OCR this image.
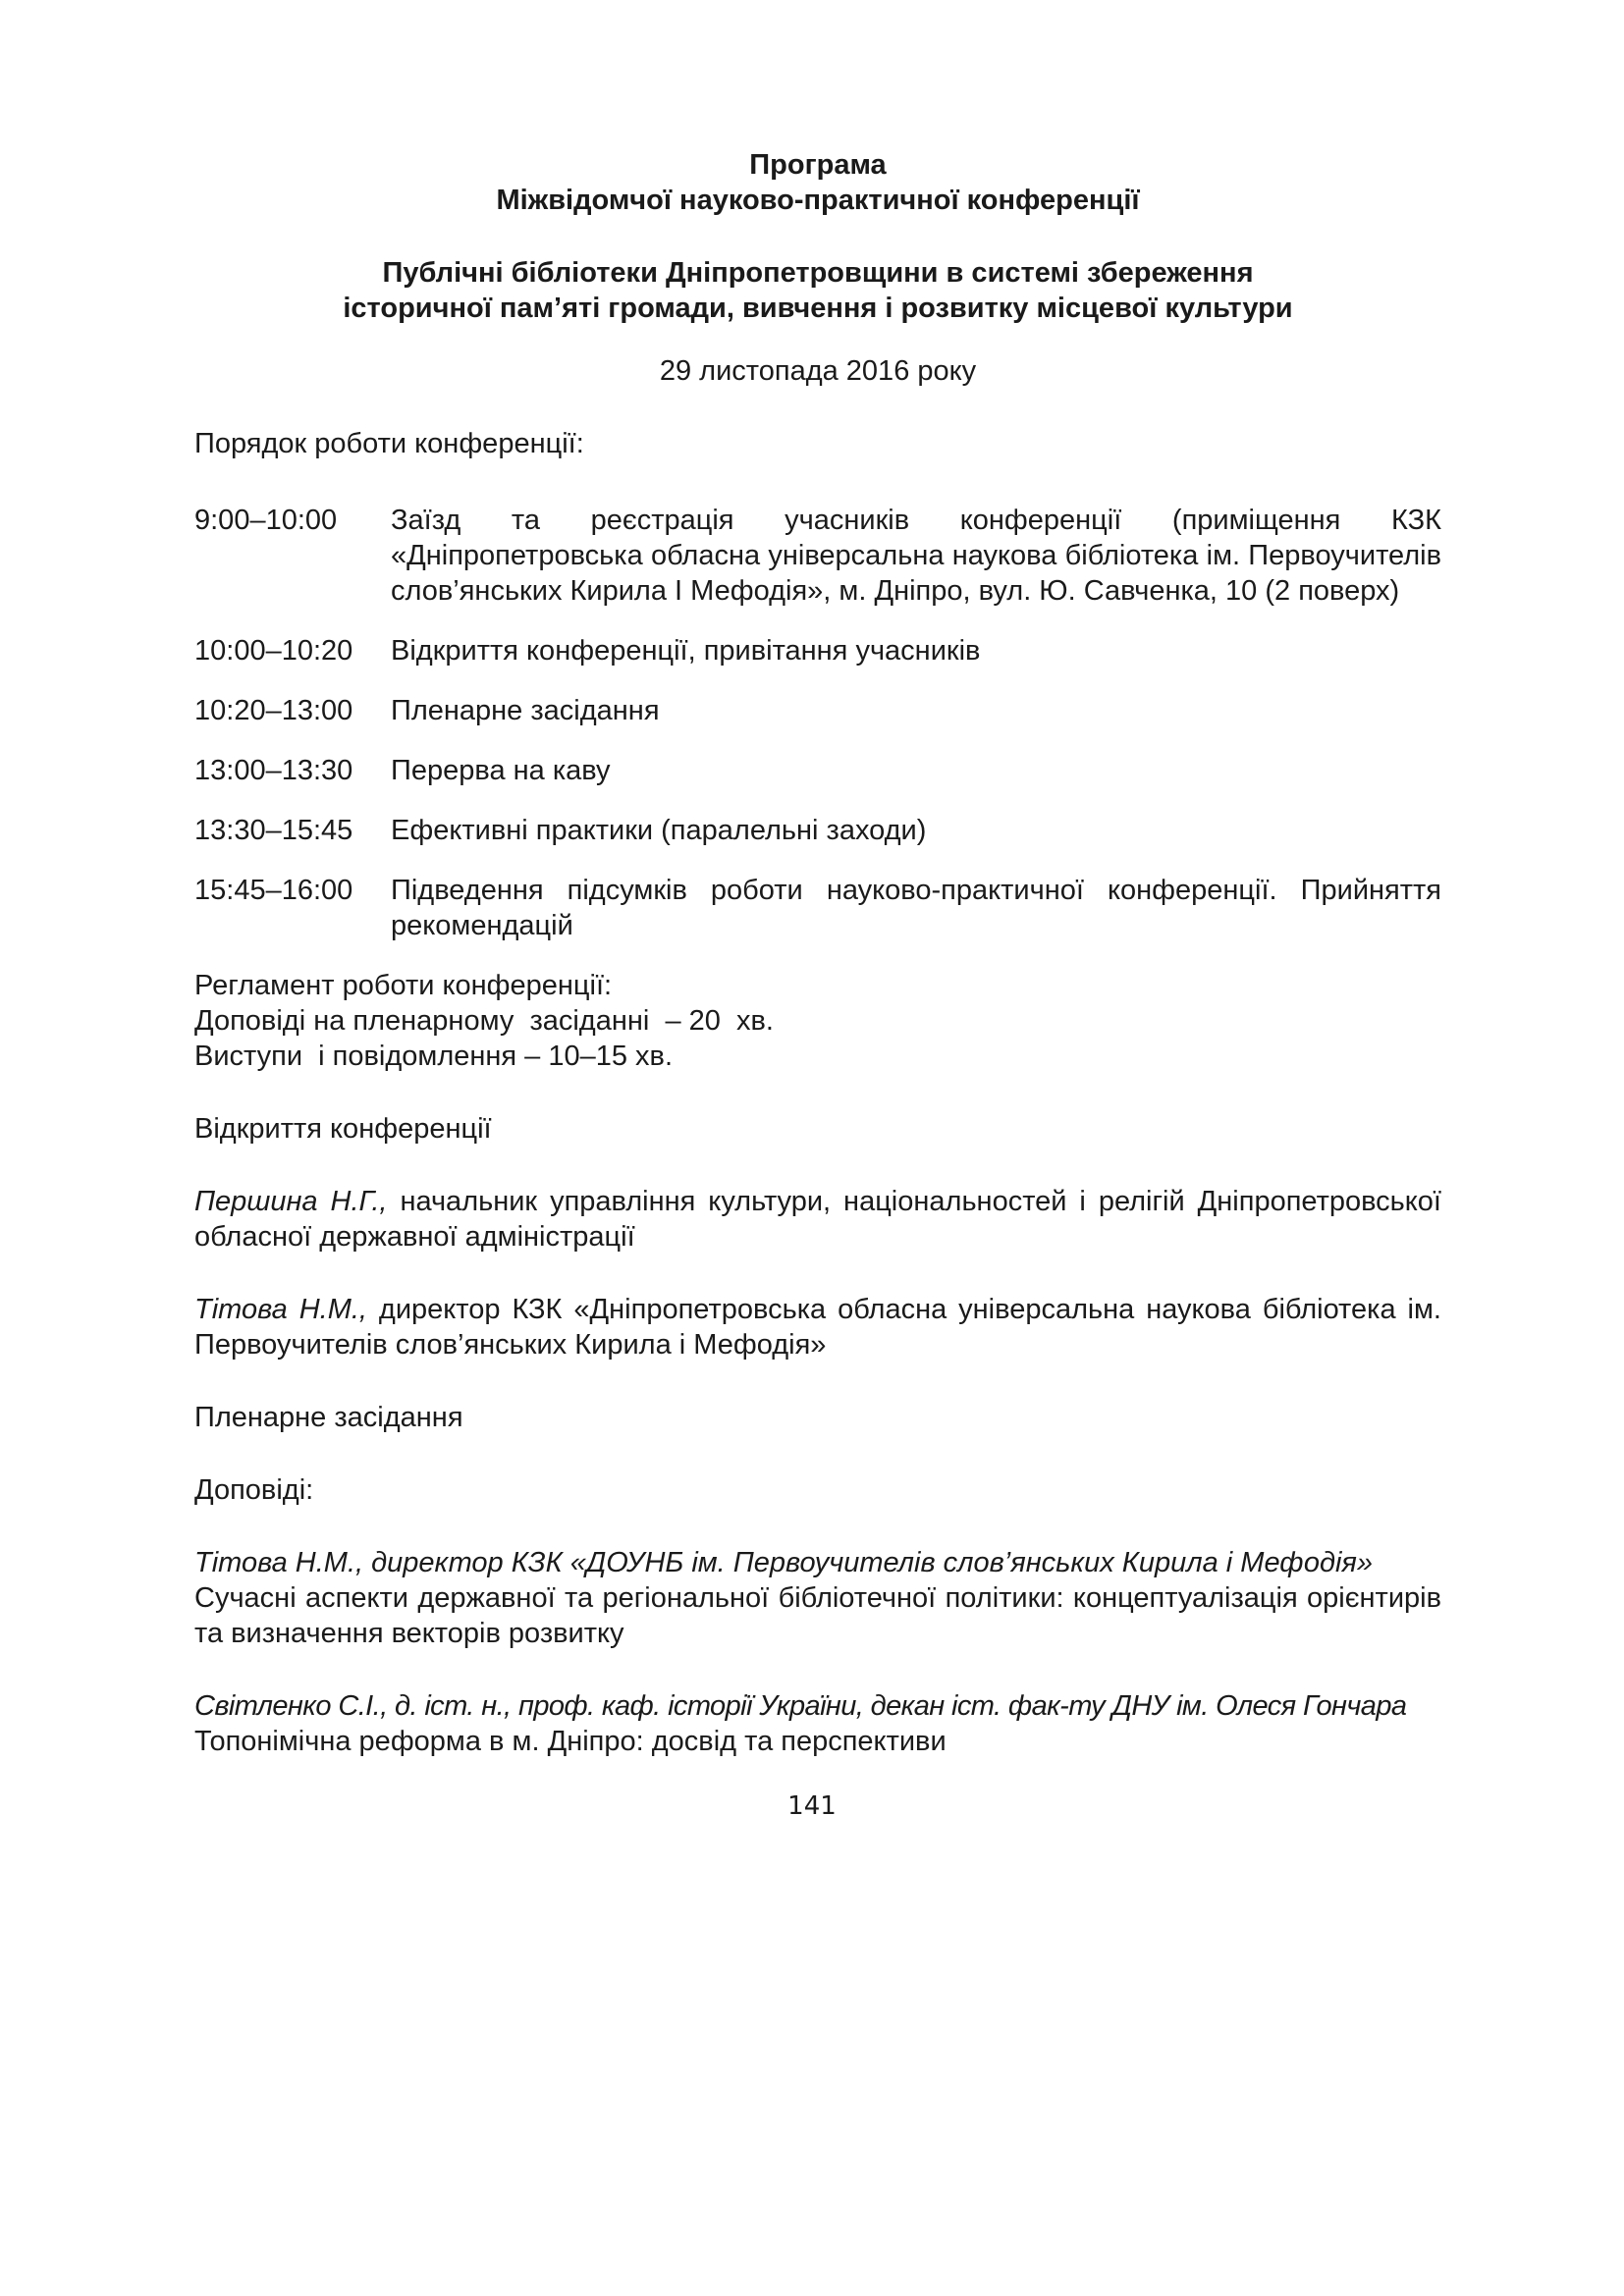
Програма

Міжвідомчої науково-практичної конференції

Публічні бібліотеки Дніпропетровщини в системі збереження

історичної пам’яті громади, вивчення і розвитку місцевої культури

29 листопада 2016 року

Порядок роботи конференції:

9:00–10:00	Заїзд та реєстрація учасників конференції (приміщення КЗК «Дніпропетровська обласна універсальна наукова бібліотека ім. Первоучителів слов’янських Кирила І Мефодія», м. Дніпро, вул. Ю. Савченка, 10 (2 поверх)
10:00–10:20	Відкриття конференції, привітання учасників
10:20–13:00	Пленарне засідання
13:00–13:30	Перерва на каву
13:30–15:45	Ефективні практики (паралельні заходи)
15:45–16:00	Підведення підсумків роботи науково-практичної конференції. Прийняття рекомендацій

Регламент роботи конференції:

Доповіді на пленарному  засіданні  – 20  хв.

Виступи  і повідомлення – 10–15 хв.

Відкриття конференції

Першина Н.Г., начальник управління культури, національностей і релігій Дніпропетровської обласної державної адміністрації

Тітова Н.М., директор КЗК «Дніпропетровська обласна універсальна наукова бібліотека ім. Первоучителів слов’янських Кирила і Мефодія»

Пленарне засідання

Доповіді:

Тітова Н.М., директор КЗК «ДОУНБ ім. Первоучителів слов’янських Кирила і Мефодія»

Сучасні аспекти державної та регіональної бібліотечної політики: концептуалізація орієнтирів та визначення векторів розвитку

Світленко С.І., д. іст. н., проф. каф. історії України, декан іст. фак-ту ДНУ ім. Олеся Гончара

Топонімічна реформа в м. Дніпро: досвід та перспективи

141
